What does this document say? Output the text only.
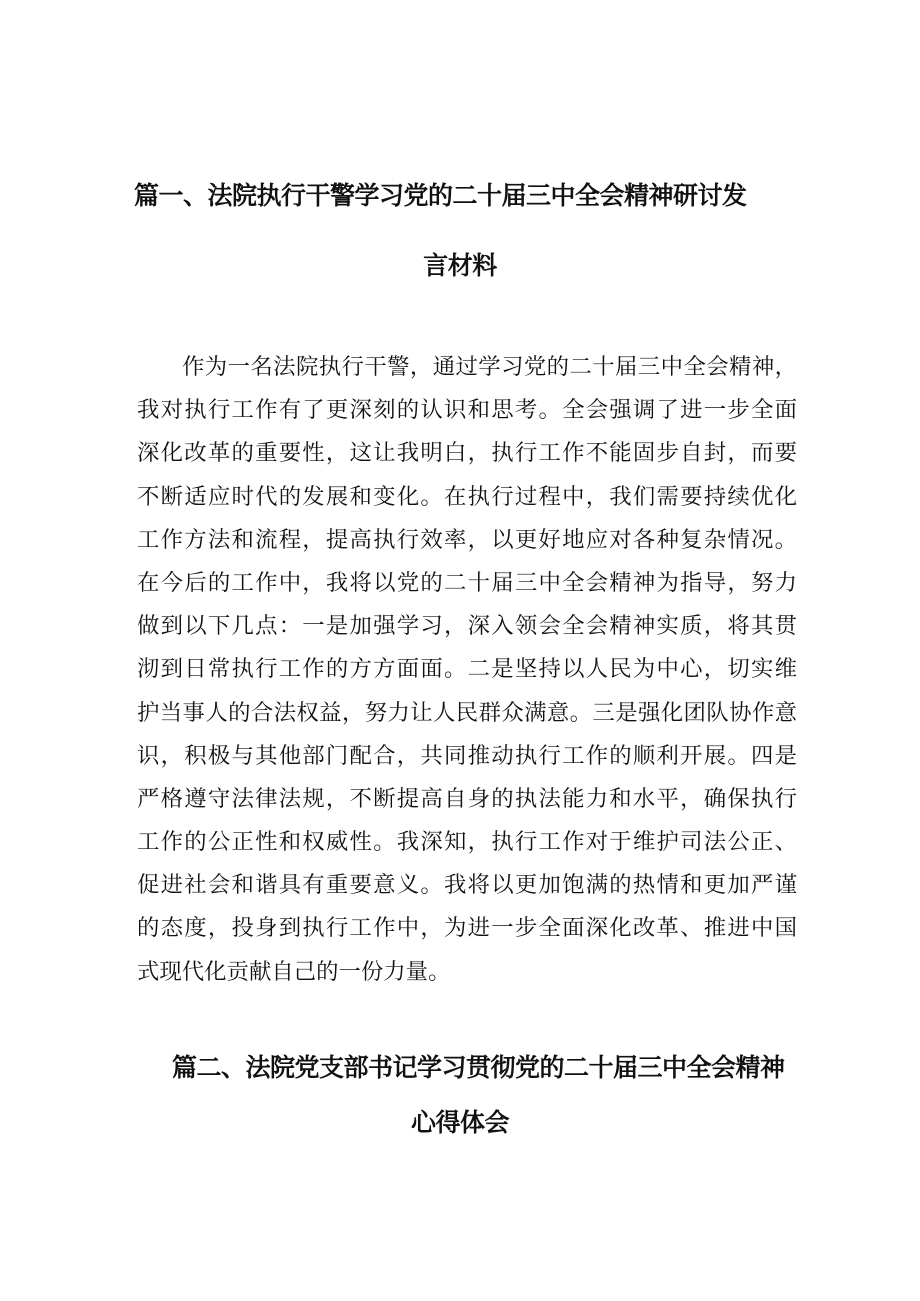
篇一、法院执行干警学习党的二十届三中全会精神研讨发
言材料

作为一名法院执行干警，通过学习党的二十届三中全会精神，
我对执行工作有了更深刻的认识和思考。全会强调了进一步全面
深化改革的重要性，这让我明白，执行工作不能固步自封，而要
不断适应时代的发展和变化。在执行过程中，我们需要持续优化
工作方法和流程，提高执行效率，以更好地应对各种复杂情况。
在今后的工作中，我将以党的二十届三中全会精神为指导，努力
做到以下几点：一是加强学习，深入领会全会精神实质，将其贯
沏到日常执行工作的方方面面。二是坚持以人民为中心，切实维
护当事人的合法权益，努力让人民群众满意。三是强化团队协作意
识，积极与其他部门配合，共同推动执行工作的顺利开展。四是
严格遵守法律法规，不断提高自身的执法能力和水平，确保执行
工作的公正性和权威性。我深知，执行工作对于维护司法公正、
促进社会和谐具有重要意义。我将以更加饱满的热情和更加严谨
的态度，投身到执行工作中，为进一步全面深化改革、推进中国
式现代化贡献自己的一份力量。

篇二、法院党支部书记学习贯彻党的二十届三中全会精神
心得体会
